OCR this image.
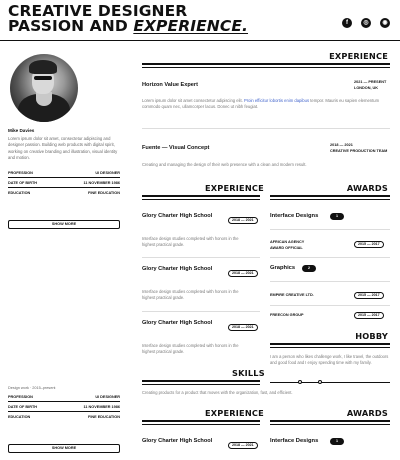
CREATIVE DESIGNER
PASSION AND EXPERIENCE.	f	◎	◉
Mike Davies
Lorem ipsum dolor sit amet, consectetur adipiscing and designer passion. Building web products with digital spirit, working on creative branding and illustration, visual identity and motion.
PROFESSION	UI DESIGNER
DATE OF BIRTH	11 NOVEMBER 1986
EDUCATION	FINE EDUCATION
SHOW MORE
Design work · 2015–present
PROFESSION	UI DESIGNER
DATE OF BIRTH	11 NOVEMBER 1986
EDUCATION	FINE EDUCATION
SHOW MORE
EXPERIENCE
Horizon Value Expert	2021 — PRESENT
LONDON, UK
Lorem ipsum dolor sit amet consectetur adipiscing elit. Proin efficitur lobortis enim dapibus tempor. Mauris eu sapien elementum commodo quam nec, ullamcorper lacus. Donec ut nibh feugiat.
Fuente — Visual Concept	2018 — 2021
CREATIVE PRODUCTION TEAM
Creating and managing the design of their web presence with a clean and modern result.
EXPERIENCE
Glory Charter High School
2018 — 2021
Interface design studies completed with honors in the highest practical grade.
Glory Charter High School
2018 — 2021
Interface design studies completed with honors in the highest practical grade.
Glory Charter High School
2018 — 2021
Interface design studies completed with honors in the highest practical grade.
AWARDS
Interface Designs	1
AFRICAN AGENCY
AWARD OFFICIAL
2015 — 2017
Graphics	2
EMPIRE CREATIVE LTD.	2015 — 2017
FREECON GROUP	2015 — 2017
HOBBY
I am a person who likes challenge work, I like travel, the outdoors and good food and I enjoy spending time with my family.
SKILLS
Creating products for a product that moves with the organization, fast, and efficient.
EXPERIENCE
Glory Charter High School
2018 — 2021
AWARDS
Interface Designs	1
